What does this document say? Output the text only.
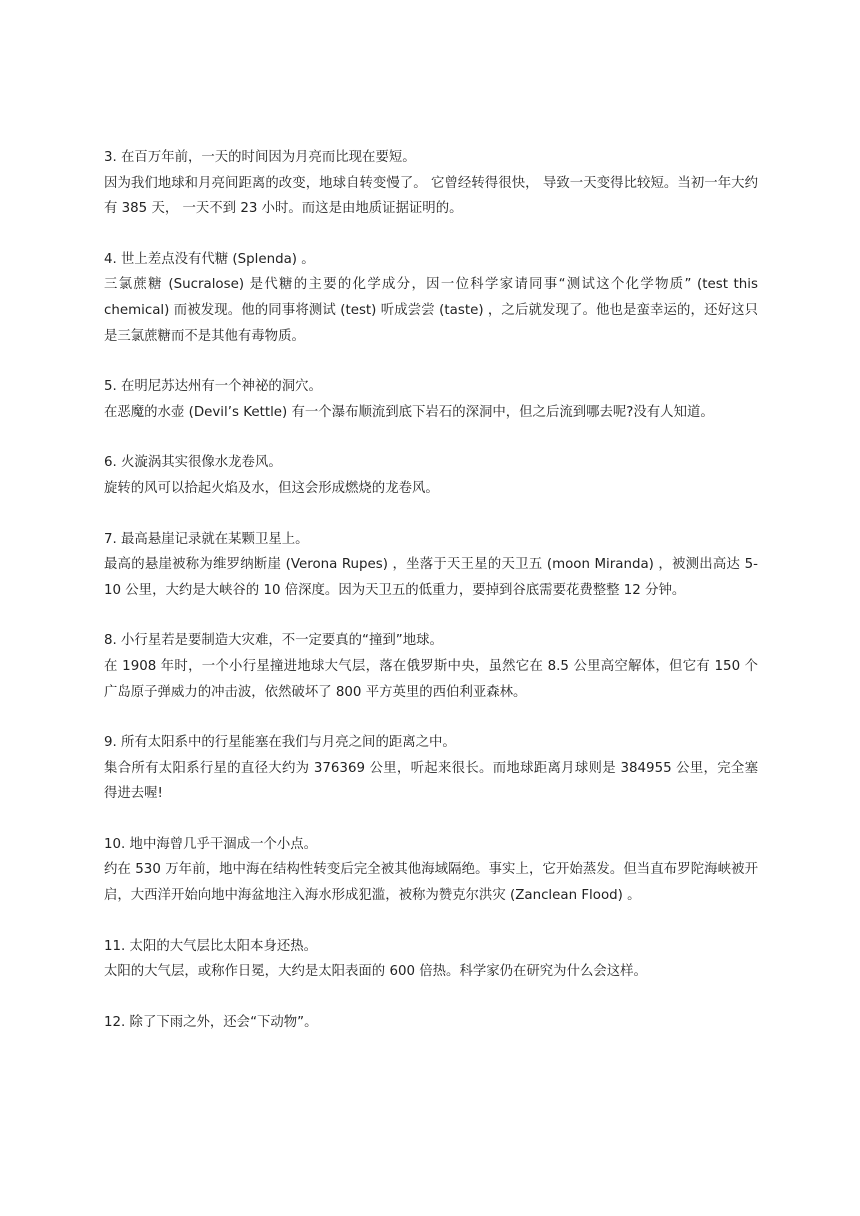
3. 在百万年前，一天的时间因为月亮而比现在要短。

因为我们地球和月亮间距离的改变，地球自转变慢了。 它曾经转得很快， 导致一天变得比较短。当初一年大约有 385 天， 一天不到 23 小时。而这是由地质证据证明的。

4. 世上差点没有代糖 (Splenda) 。

三氯蔗糖 (Sucralose) 是代糖的主要的化学成分，因一位科学家请同事“测试这个化学物质” (test this chemical) 而被发现。他的同事将测试 (test) 听成尝尝 (taste) ，之后就发现了。他也是蛮幸运的，还好这只是三氯蔗糖而不是其他有毒物质。

5. 在明尼苏达州有一个神祕的洞穴。

在恶魔的水壶 (Devil’s Kettle) 有一个瀑布顺流到底下岩石的深洞中，但之后流到哪去呢?没有人知道。

6. 火漩涡其实很像水龙卷风。

旋转的风可以拾起火焰及水，但这会形成燃烧的龙卷风。

7. 最高悬崖记录就在某颗卫星上。

最高的悬崖被称为维罗纳断崖 (Verona Rupes) ，坐落于天王星的天卫五 (moon Miranda) ，被测出高达 5-10 公里，大约是大峡谷的 10 倍深度。因为天卫五的低重力，要掉到谷底需要花费整整 12 分钟。

8. 小行星若是要制造大灾难，不一定要真的“撞到”地球。

在 1908 年时，一个小行星撞进地球大气层，落在俄罗斯中央，虽然它在 8.5 公里高空解体，但它有 150 个广岛原子弹威力的冲击波，依然破坏了 800 平方英里的西伯利亚森林。

9. 所有太阳系中的行星能塞在我们与月亮之间的距离之中。

集合所有太阳系行星的直径大约为 376369 公里，听起来很长。而地球距离月球则是 384955 公里，完全塞得进去喔!

10. 地中海曾几乎干涸成一个小点。

约在 530 万年前，地中海在结构性转变后完全被其他海域隔绝。事实上，它开始蒸发。但当直布罗陀海峡被开启，大西洋开始向地中海盆地注入海水形成犯滥，被称为赞克尔洪灾 (Zanclean Flood) 。

11. 太阳的大气层比太阳本身还热。

太阳的大气层，或称作日冕，大约是太阳表面的 600 倍热。科学家仍在研究为什么会这样。

12. 除了下雨之外，还会“下动物”。
